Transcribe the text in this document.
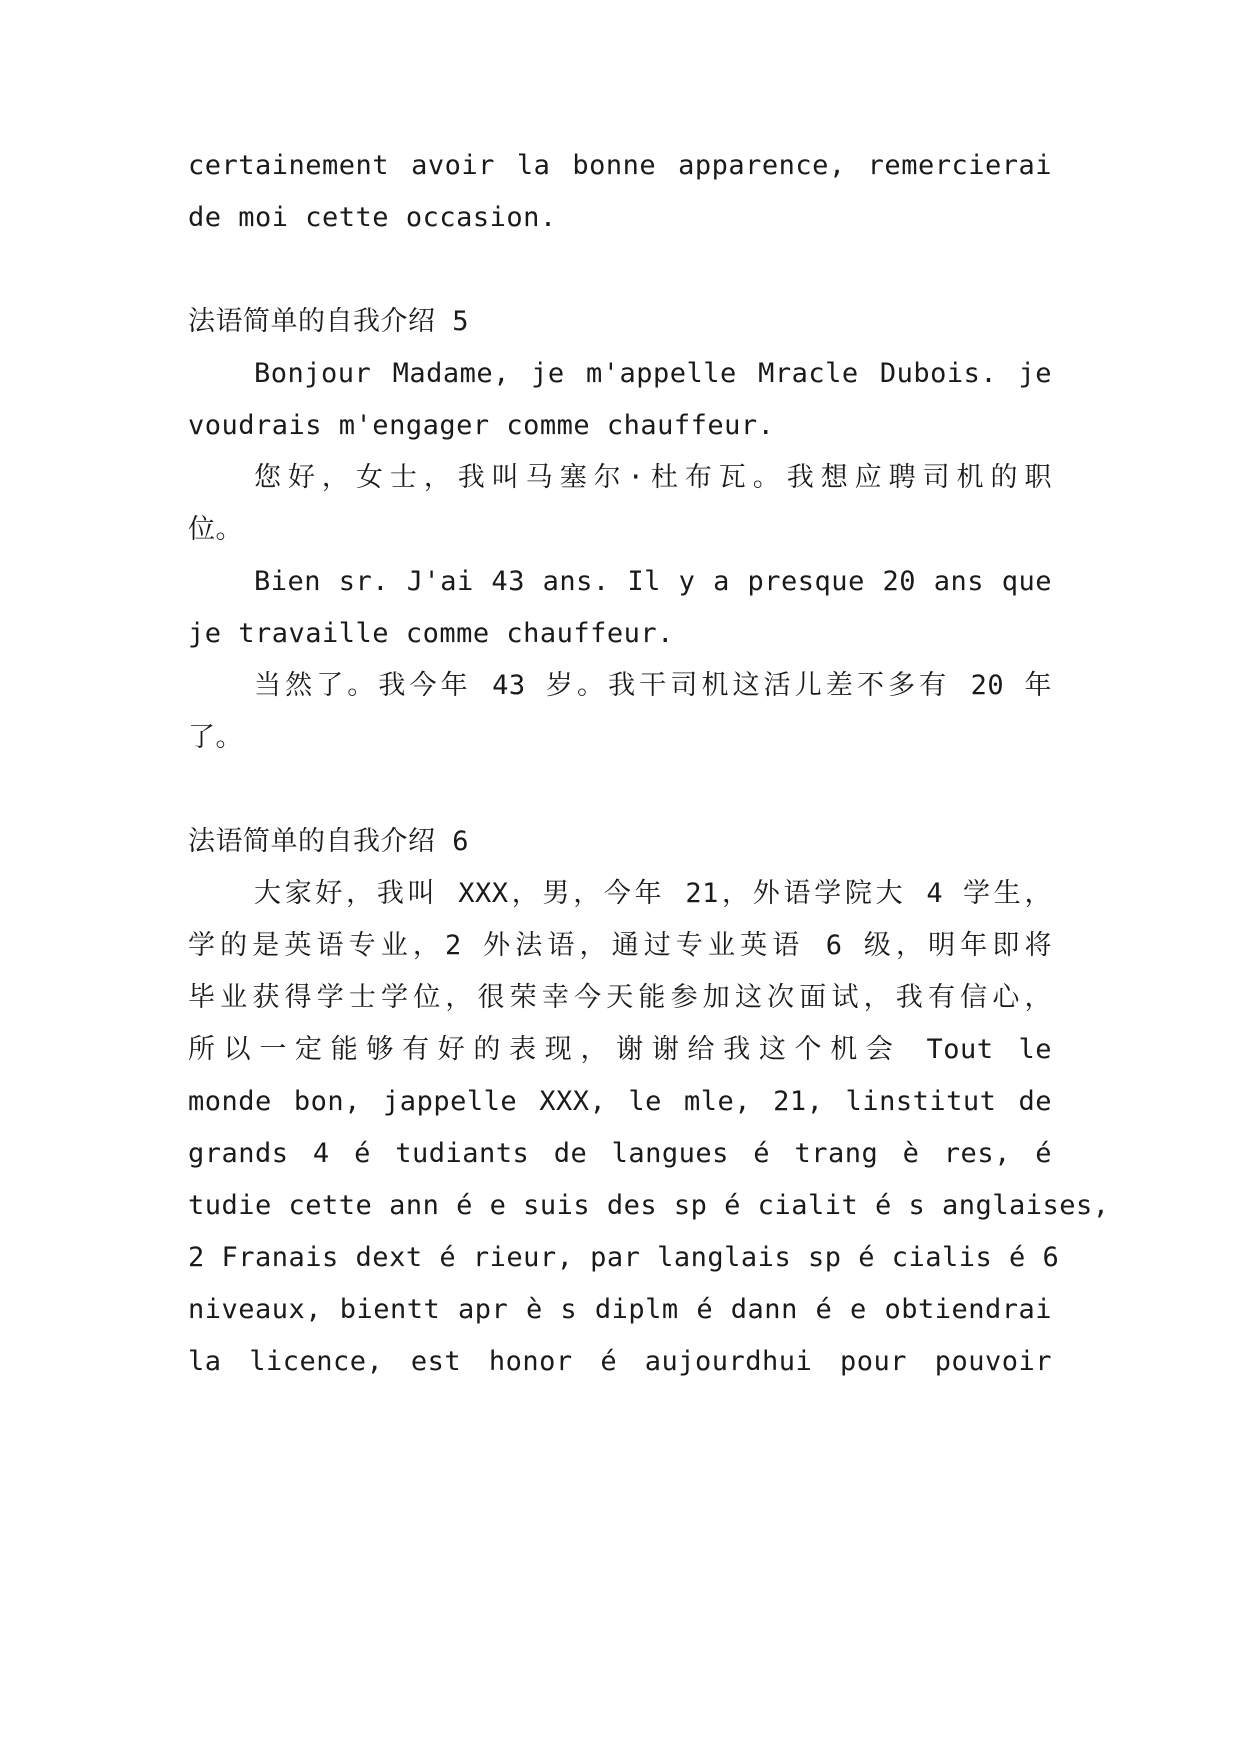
certainement avoir la bonne apparence, remercierai
de moi cette occasion.
法语简单的自我介绍 5
Bonjour Madame, je m'appelle Mracle Dubois. je
voudrais m'engager comme chauffeur.
您好，女士，我叫马塞尔·杜布瓦。我想应聘司机的职
位。
Bien sr. J'ai 43 ans. Il y a presque 20 ans que
je travaille comme chauffeur.
当然了。我今年 43 岁。我干司机这活儿差不多有 20 年
了。
法语简单的自我介绍 6
大家好，我叫 XXX，男，今年 21，外语学院大 4 学生，
学的是英语专业，2 外法语，通过专业英语 6 级，明年即将
毕业获得学士学位，很荣幸今天能参加这次面试，我有信心，
所以一定能够有好的表现，谢谢给我这个机会 Tout le
monde bon, jappelle XXX, le mle, 21, linstitut de
grands 4 é tudiants de langues é trang è res, é
tudie cette ann é e suis des sp é cialit é s anglaises,
2 Franais dext é rieur, par langlais sp é cialis é 6
niveaux, bientt apr è s diplm é dann é e obtiendrai
la licence, est honor é aujourdhui pour pouvoir
